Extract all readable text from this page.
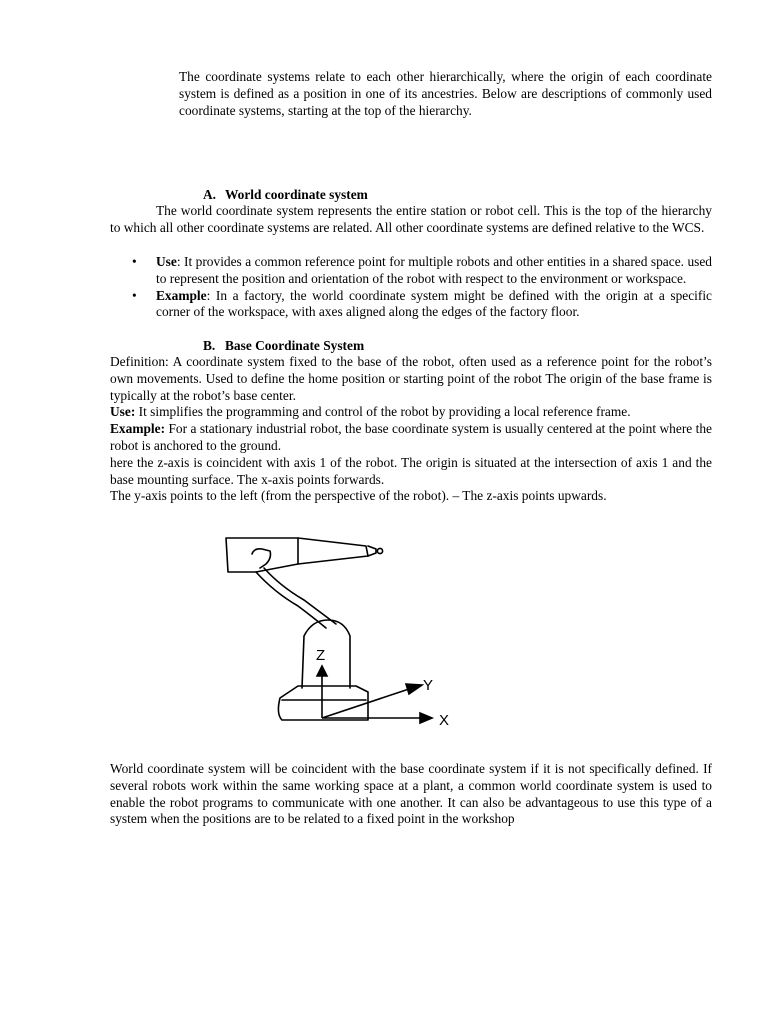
The coordinate systems relate to each other hierarchically, where the origin of each coordinate system is defined as a position in one of its ancestries. Below are descriptions of commonly used coordinate systems, starting at the top of the hierarchy.

A. World coordinate system

The world coordinate system represents the entire station or robot cell. This is the top of the hierarchy to which all other coordinate systems are related. All other coordinate systems are defined relative to the WCS.

• Use: It provides a common reference point for multiple robots and other entities in a shared space. used to represent the position and orientation of the robot with respect to the environment or workspace.
• Example: In a factory, the world coordinate system might be defined with the origin at a specific corner of the workspace, with axes aligned along the edges of the factory floor.
B. Base Coordinate System

Definition: A coordinate system fixed to the base of the robot, often used as a reference point for the robot’s own movements. Used to define the home position or starting point of the robot The origin of the base frame is typically at the robot’s base center.

Use: It simplifies the programming and control of the robot by providing a local reference frame.

Example: For a stationary industrial robot, the base coordinate system is usually centered at the point where the robot is anchored to the ground.

here the z-axis is coincident with axis 1 of the robot. The origin is situated at the intersection of axis 1 and the base mounting surface. The x-axis points forwards.

The y-axis points to the left (from the perspective of the robot). – The z-axis points upwards.

Z
Y
X

World coordinate system will be coincident with the base coordinate system if it is not specifically defined. If several robots work within the same working space at a plant, a common world coordinate system is used to enable the robot programs to communicate with one another. It can also be advantageous to use this type of a system when the positions are to be related to a fixed point in the workshop
